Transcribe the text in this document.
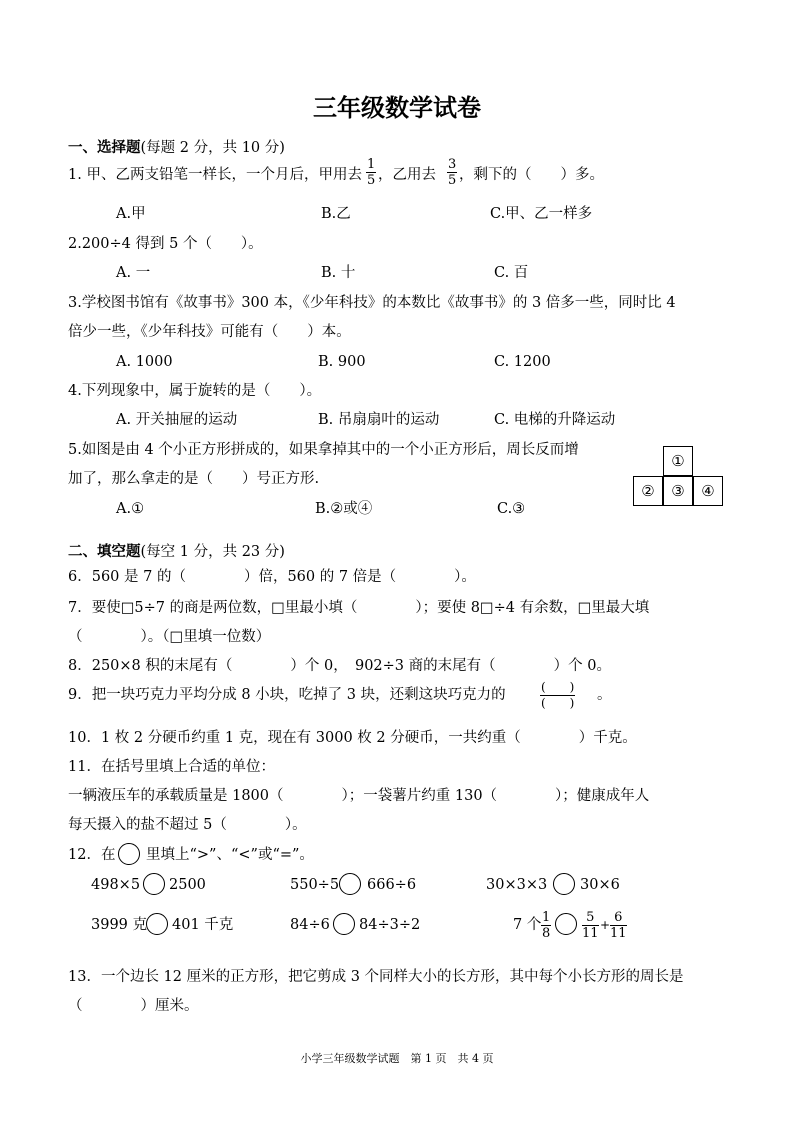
三年级数学试卷
一、选择题(每题 2 分，共 10 分)
1. 甲、乙两支铅笔一样长，一个月后，甲用去 $\frac{1}{5}$ ，乙用去 $\frac{3}{5}$ ，剩下的（　　）多。
A.甲	B.乙	C.甲、乙一样多
2.200÷4 得到 5 个（　　）。
A. 一	B. 十	C. 百
3.学校图书馆有《故事书》300 本，《少年科技》的本数比《故事书》的 3 倍多一些，同时比 4
倍少一些，《少年科技》可能有（　　）本。
A. 1000	B. 900	C. 1200
4.下列现象中，属于旋转的是（　　）。
A. 开关抽屉的运动	B. 吊扇扇叶的运动	C. 电梯的升降运动
5.如图是由 4 个小正方形拼成的，如果拿掉其中的一个小正方形后，周长反而增
加了，那么拿走的是（　　）号正方形.
A.①	B.②或④	C.③
①
②	③	④
二、填空题(每空 1 分，共 23 分)
6．560 是 7 的（　　　　）倍，560 的 7 倍是（　　　　）。
7．要使□5÷7 的商是两位数，□里最小填（　　　　）；要使 8□÷4 有余数，□里最大填
（　　　　）。（□里填一位数）
8．250×8 积的末尾有（　　　　）个 0，　902÷3 商的末尾有（　　　　）个 0。
9．把一块巧克力平均分成 8 小块，吃掉了 3 块，还剩这块巧克力的	(　　)
(　　) 。
10．1 枚 2 分硬币约重 1 克，现在有 3000 枚 2 分硬币，一共约重（　　　　）千克。
11．在括号里填上合适的单位：
一辆液压车的承载质量是 1800（　　　　）；一袋薯片约重 130（　　　　）；健康成年人
每天摄入的盐不超过 5（　　　　）。
12．在 里填上“>”、“<”或“=”。
498×5 2500	550÷5 666÷6	30×3×3 30×6
3999 克 401 千克	84÷6 84÷3÷2	7 个 $\frac{1}{8} \frac{5}{11} + \frac{6}{11}$
13．一个边长 12 厘米的正方形，把它剪成 3 个同样大小的长方形，其中每个小长方形的周长是
（　　　　）厘米。
小学三年级数学试题　第 1 页　共 4 页
